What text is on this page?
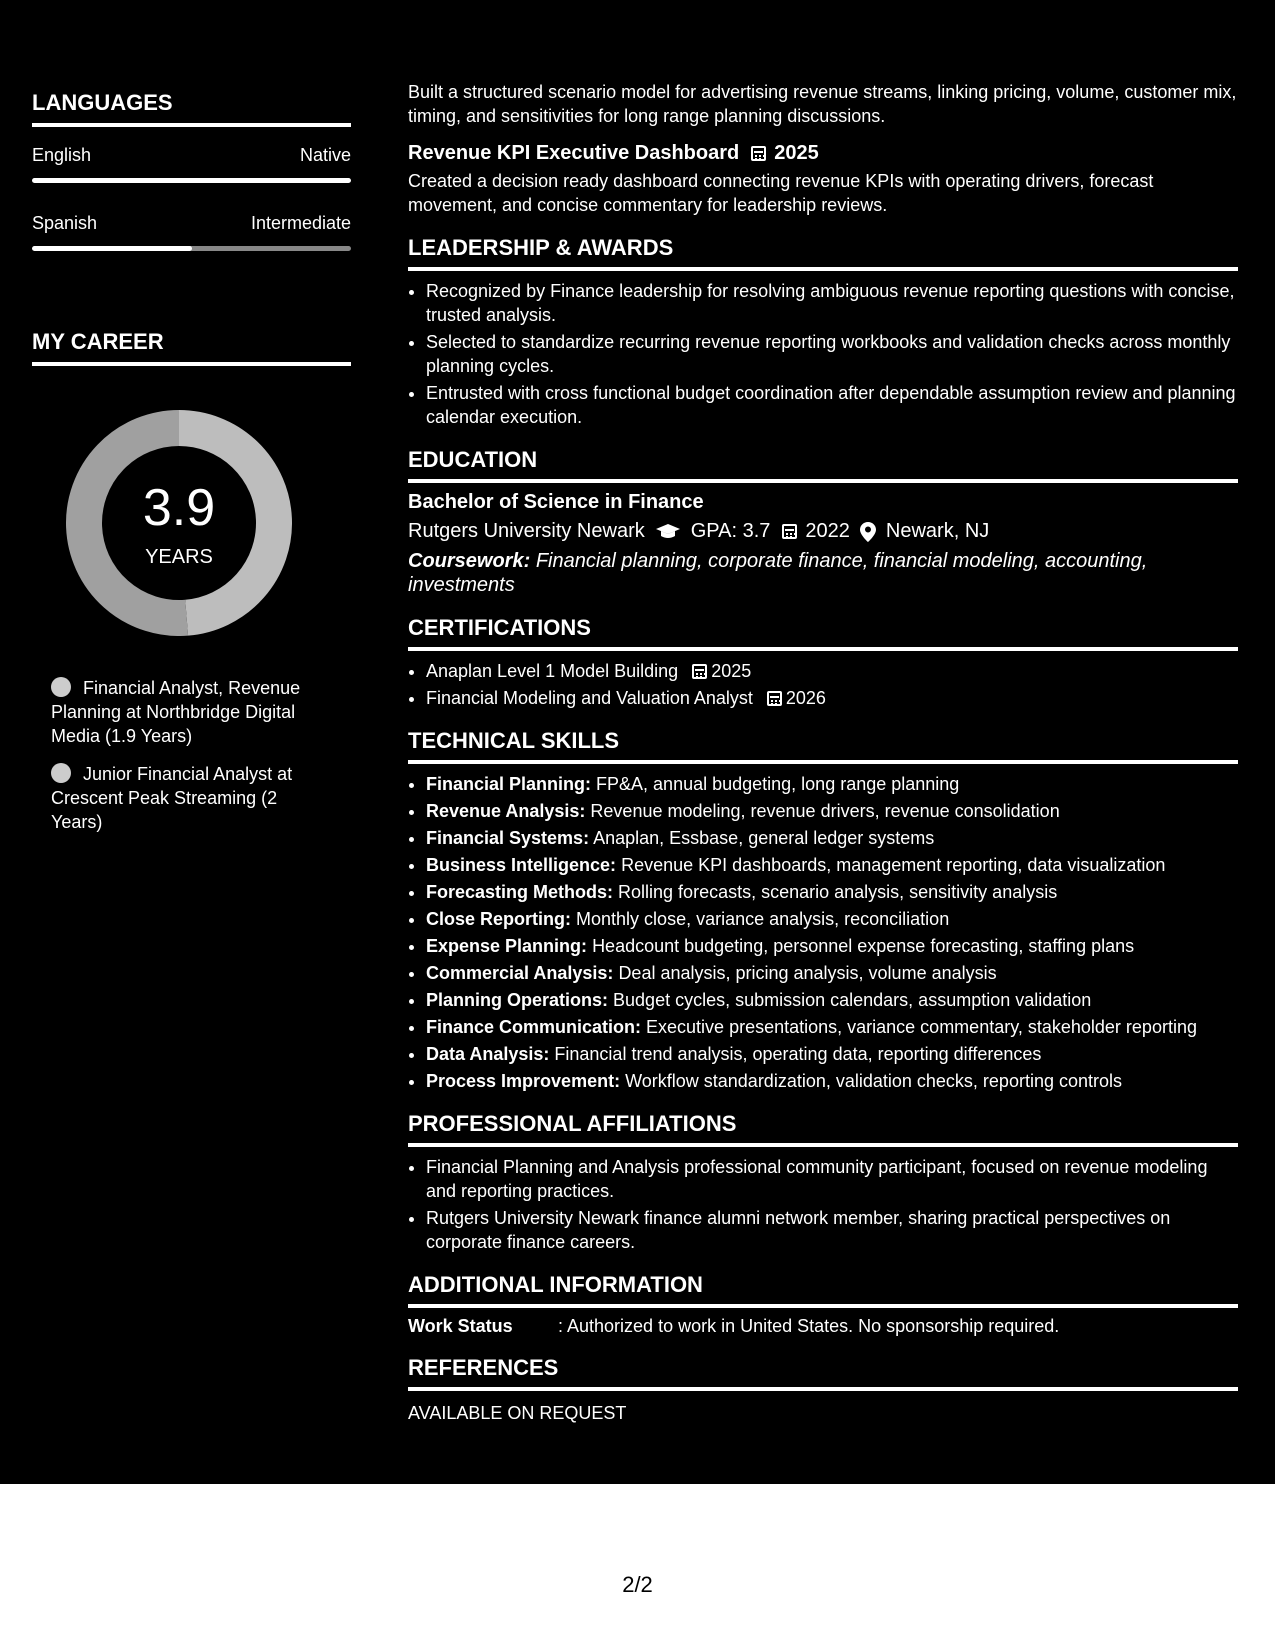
LANGUAGES
English	Native
Spanish	Intermediate
MY CAREER
3.9
YEARS
Financial Analyst, Revenue Planning at Northbridge Digital Media (1.9 Years)
Junior Financial Analyst at Crescent Peak Streaming (2 Years)

Built a structured scenario model for advertising revenue streams, linking pricing, volume, customer mix, timing, and sensitivities for long range planning discussions.

Revenue KPI Executive Dashboard 2025

Created a decision ready dashboard connecting revenue KPIs with operating drivers, forecast movement, and concise commentary for leadership reviews.

LEADERSHIP & AWARDS
• Recognized by Finance leadership for resolving ambiguous revenue reporting questions with concise, trusted analysis.
• Selected to standardize recurring revenue reporting workbooks and validation checks across monthly planning cycles.
• Entrusted with cross functional budget coordination after dependable assumption review and planning calendar execution.
EDUCATION
Bachelor of Science in Finance
Rutgers University Newark GPA: 3.7 2022 Newark, NJ

Coursework: Financial planning, corporate finance, financial modeling, accounting, investments

CERTIFICATIONS
• Anaplan Level 1 Model Building 2025
• Financial Modeling and Valuation Analyst 2026
TECHNICAL SKILLS
• Financial Planning: FP&A, annual budgeting, long range planning
• Revenue Analysis: Revenue modeling, revenue drivers, revenue consolidation
• Financial Systems: Anaplan, Essbase, general ledger systems
• Business Intelligence: Revenue KPI dashboards, management reporting, data visualization
• Forecasting Methods: Rolling forecasts, scenario analysis, sensitivity analysis
• Close Reporting: Monthly close, variance analysis, reconciliation
• Expense Planning: Headcount budgeting, personnel expense forecasting, staffing plans
• Commercial Analysis: Deal analysis, pricing analysis, volume analysis
• Planning Operations: Budget cycles, submission calendars, assumption validation
• Finance Communication: Executive presentations, variance commentary, stakeholder reporting
• Data Analysis: Financial trend analysis, operating data, reporting differences
• Process Improvement: Workflow standardization, validation checks, reporting controls
PROFESSIONAL AFFILIATIONS
• Financial Planning and Analysis professional community participant, focused on revenue modeling and reporting practices.
• Rutgers University Newark finance alumni network member, sharing practical perspectives on corporate finance careers.
ADDITIONAL INFORMATION
Work Status	: Authorized to work in United States. No sponsorship required.
REFERENCES

AVAILABLE ON REQUEST

2/2
